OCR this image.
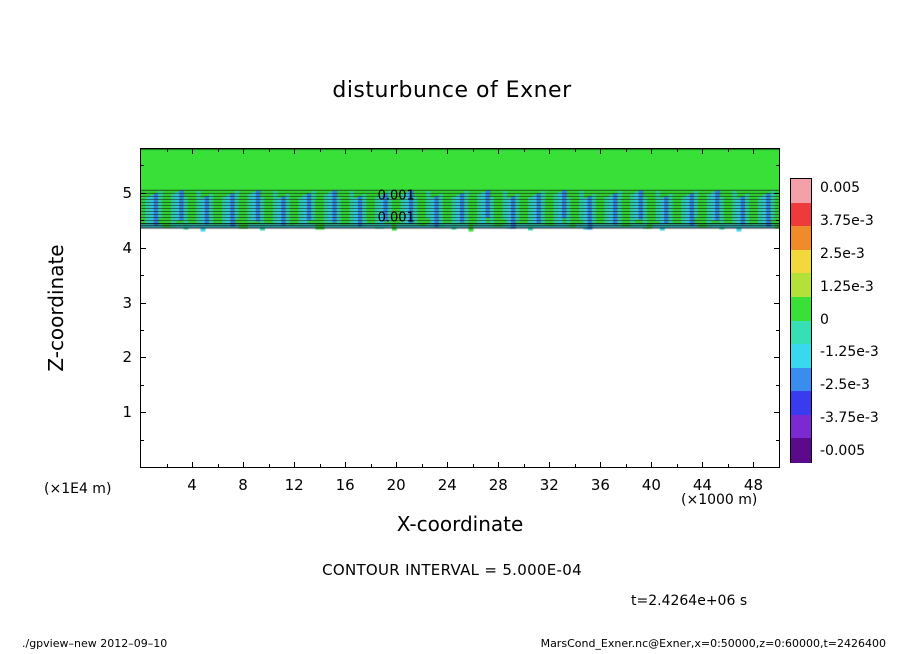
disturbunce of Exner
4	8 12 16 20 24 28 32 36 40 44 48
1
2
3
4
5	0.001
0.001
X-coordinate
Z-coordinate
(×1000 m)
(×1E4 m)
0.005
3.75e-3
2.5e-3
1.25e-3
0
-1.25e-3
-2.5e-3
-3.75e-3
-0.005
CONTOUR INTERVAL = 5.000E-04
t=2.4264e+06 s
./gpview–new 2012–09–10	MarsCond_Exner.nc@Exner,x=0:50000,z=0:60000,t=2426400
